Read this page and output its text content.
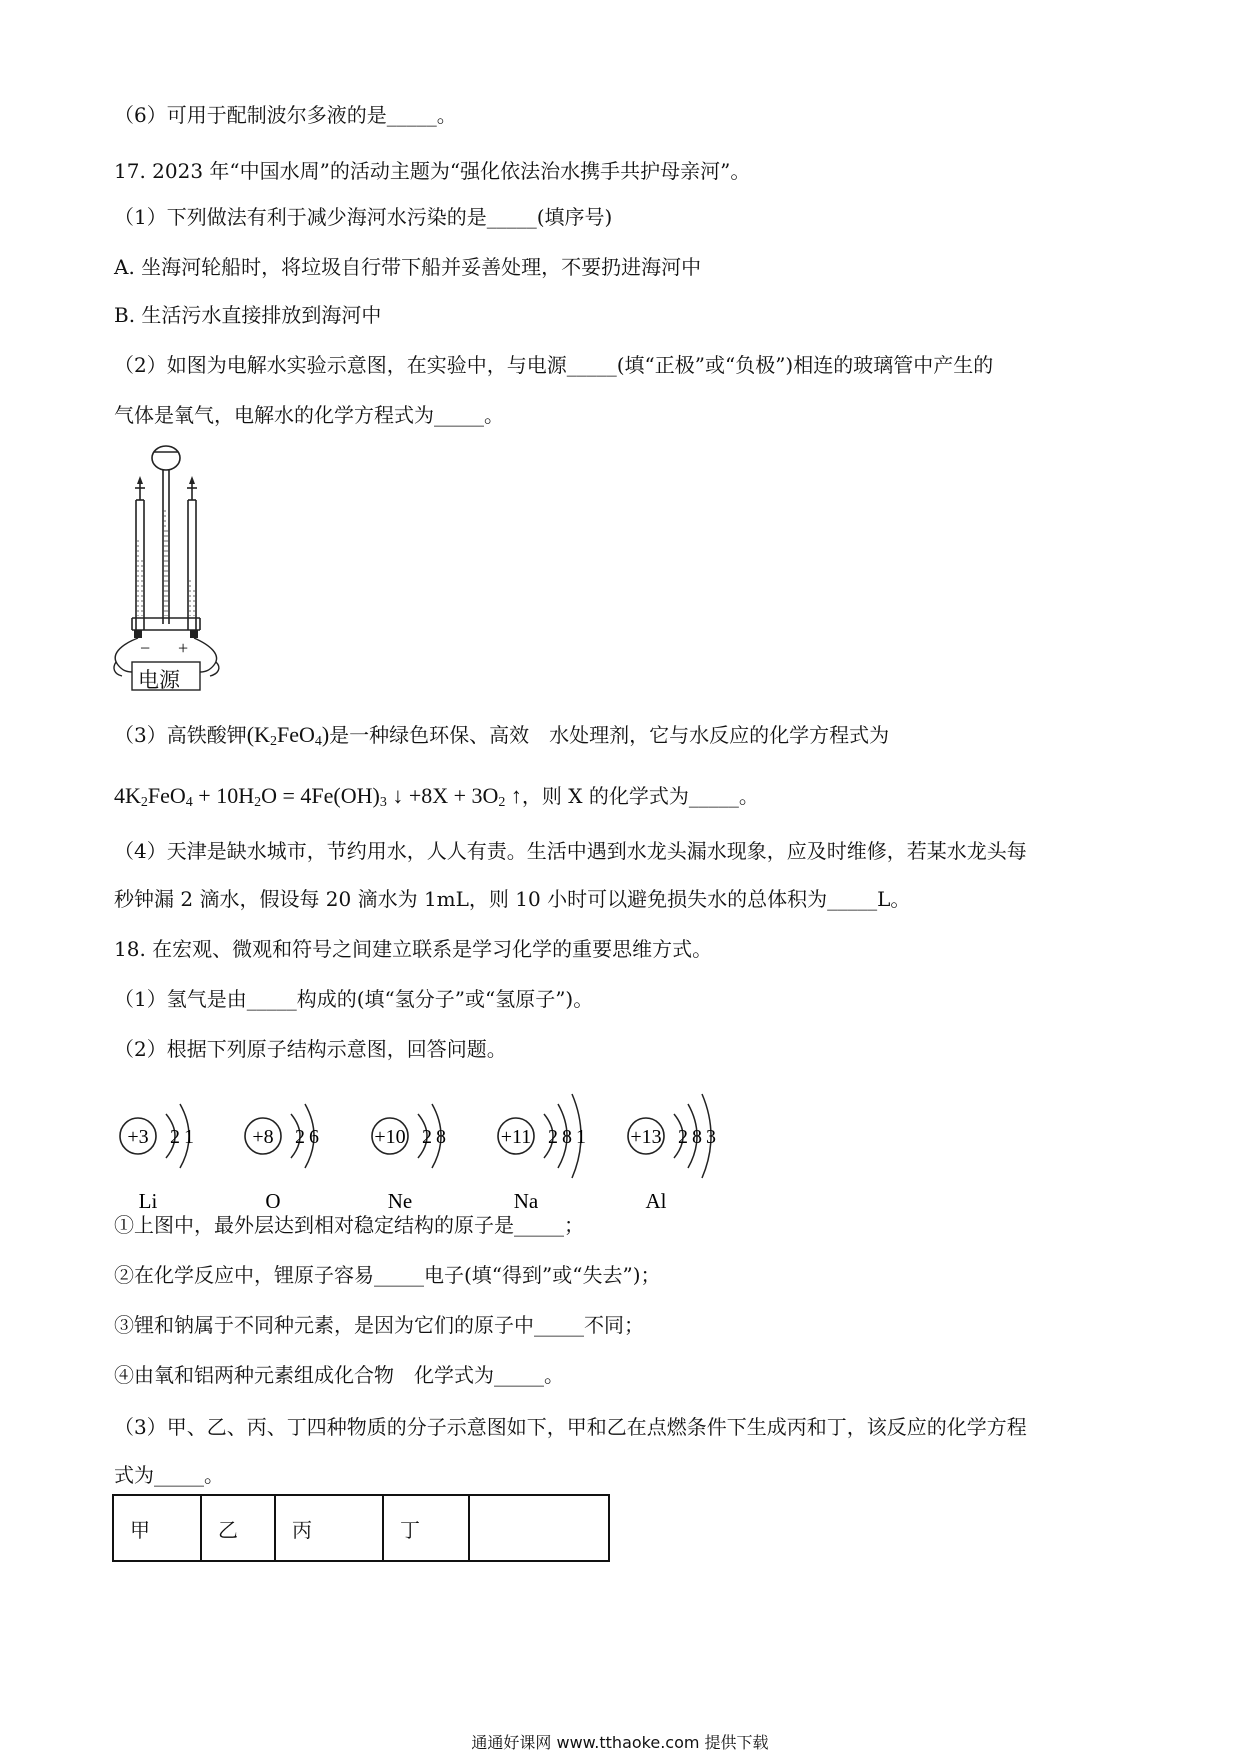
（6）可用于配制波尔多液的是_____。
17. 2023 年“中国水周”的活动主题为“强化依法治水携手共护母亲河”。
（1）下列做法有利于减少海河水污染的是_____(填序号)
A. 坐海河轮船时，将垃圾自行带下船并妥善处理，不要扔进海河中
B. 生活污水直接排放到海河中
（2）如图为电解水实验示意图，在实验中，与电源_____(填“正极”或“负极”)相连的玻璃管中产生的
气体是氧气，电解水的化学方程式为_____。
− +
电源
（3）高铁酸钾$(K_2FeO_4)$是一种绿色环保、高效　水处理剂，它与水反应的化学方程式为
$4K_2FeO_4 + 10H_2O = 4Fe(OH)_3$ ↓ $+8X + 3O_2$ ↑，则 X 的化学式为_____。
（4）天津是缺水城市，节约用水，人人有责。生活中遇到水龙头漏水现象，应及时维修，若某水龙头每
秒钟漏 2 滴水，假设每 20 滴水为 1mL，则 10 小时可以避免损失水的总体积为_____L。
18. 在宏观、微观和符号之间建立联系是学习化学的重要思维方式。
（1）氢气是由_____构成的(填“氢分子”或“氢原子”)。
（2）根据下列原子结构示意图，回答问题。
+3 2 1
Li
+8 2 6
O
+10 2 8
Ne
+11 2 8 1
Na
+13 2 8 3
Al
①上图中，最外层达到相对稳定结构的原子是_____；
②在化学反应中，锂原子容易_____电子(填“得到”或“失去”)；
③锂和钠属于不同种元素，是因为它们的原子中_____不同；
④由氧和铝两种元素组成化合物　化学式为_____。
（3）甲、乙、丙、丁四种物质的分子示意图如下，甲和乙在点燃条件下生成丙和丁，该反应的化学方程
式为_____。
甲	乙	丙	丁	
通通好课网 www.tthaoke.com 提供下载
